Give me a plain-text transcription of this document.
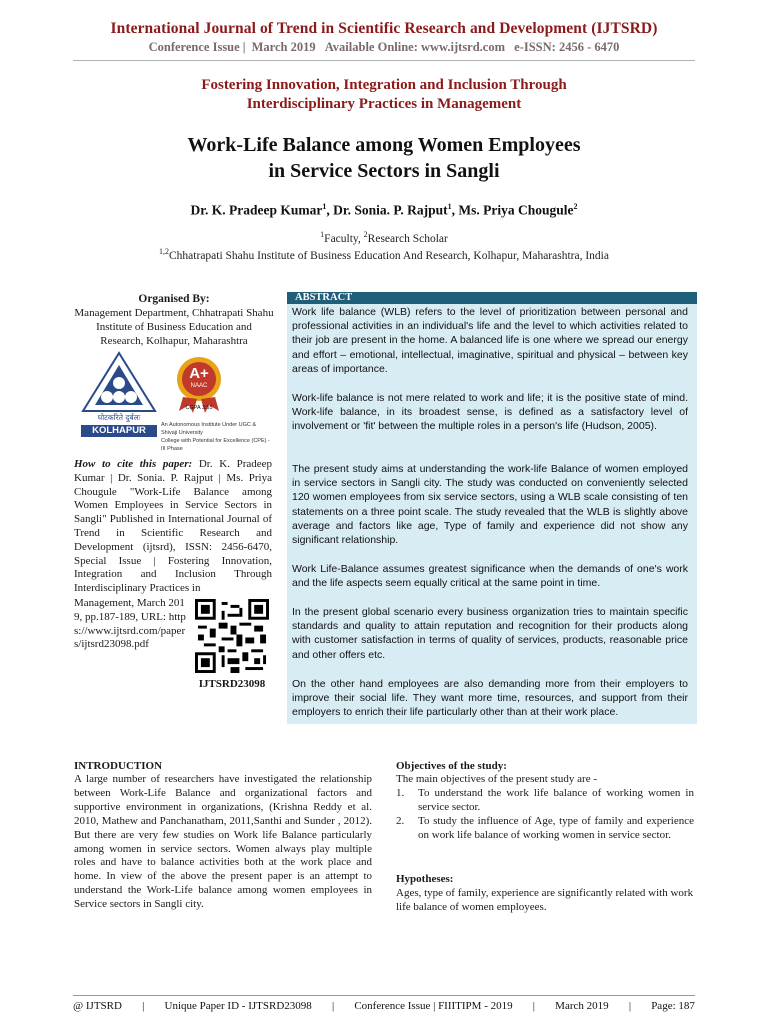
International Journal of Trend in Scientific Research and Development (IJTSRD)
Conference Issue | March 2019 Available Online: www.ijtsrd.com e-ISSN: 2456 - 6470
Fostering Innovation, Integration and Inclusion Through
Interdisciplinary Practices in Management
Work-Life Balance among Women Employees
in Service Sectors in Sangli
Dr. K. Pradeep Kumar$^1$, Dr. Sonia. P. Rajput$^1$, Ms. Priya Chougule$^2$
$^1$Faculty, $^2$Research Scholar
$^{1,2}$Chhatrapati Shahu Institute of Business Education And Research, Kolhapur, Maharashtra, India
Organised By:
Management Department, Chhatrapati Shahu Institute of Business Education and Research, Kolhapur, Maharashtra
घोटकरिते दुर्बलः
KOLHAPUR
A+
NAAC
CGPA 3.55
An Autonomous Institute Under UGC & Shivaji University
College with Potential for Excellence (CPE) - III Phase
How to cite this paper: Dr. K. Pradeep Kumar | Dr. Sonia. P. Rajput | Ms. Priya Chougule "Work-Life Balance among Women Employees in Service Sectors in Sangli" Published in International Journal of Trend in Scientific Research and Development (ijtsrd), ISSN: 2456-6470, Special Issue | Fostering Innovation, Integration and Inclusion Through Interdisciplinary Practices in
Management, March 2019, pp.187-189, URL: https://www.ijtsrd.com/papers/ijtsrd23098.pdf
IJTSRD23098
ABSTRACT
Work life balance (WLB) refers to the level of prioritization between personal and professional activities in an individual's life and the level to which activities related to their job are present in the home. A balanced life is one where we spread our energy and effort – emotional, intellectual, imaginative, spiritual and physical – between key areas of importance.
Work-life balance is not mere related to work and life; it is the positive state of mind. Work-life balance, in its broadest sense, is defined as a satisfactory level of involvement or 'fit' between the multiple roles in a person's life (Hudson, 2005).
The present study aims at understanding the work-life Balance of women employed in service sectors in Sangli city. The study was conducted on conveniently selected 120 women employees from six service sectors, using a WLB scale consisting of ten statements on a three point scale. The study revealed that the WLB is slightly above average and factors like age, Type of family and experience did not show any significant relationship.
Work Life-Balance assumes greatest significance when the demands of one's work and the life aspects seem equally critical at the same point in time.
In the present global scenario every business organization tries to maintain specific standards and quality to attain reputation and recognition for their products along with customer satisfaction in terms of quality of services, products, reasonable price and other offers etc.
On the other hand employees are also demanding more from their employers to improve their social life. They want more time, resources, and support from their employers to enrich their life particularly other than at their work place.
INTRODUCTION
A large number of researchers have investigated the relationship between Work-Life Balance and organizational factors and supportive environment in organizations, (Krishna Reddy et al. 2010, Mathew and Panchanatham, 2011,Santhi and Sunder , 2012). But there are very few studies on Work life Balance particularly among women in service sectors. Women always play multiple roles and have to balance activities both at the work place and home. In view of the above the present paper is an attempt to understand the Work-Life balance among women employees in Service sectors in Sangli city.
Objectives of the study:
The main objectives of the present study are -
1. To understand the work life balance of working women in service sector.
2. To study the influence of Age, type of family and experience on work life balance of working women in service sector.
Hypotheses:
Ages, type of family, experience are significantly related with work life balance of women employees.
@ IJTSRD | Unique Paper ID - IJTSRD23098 | Conference Issue | FIIITIPM - 2019 | March 2019 | Page: 187
